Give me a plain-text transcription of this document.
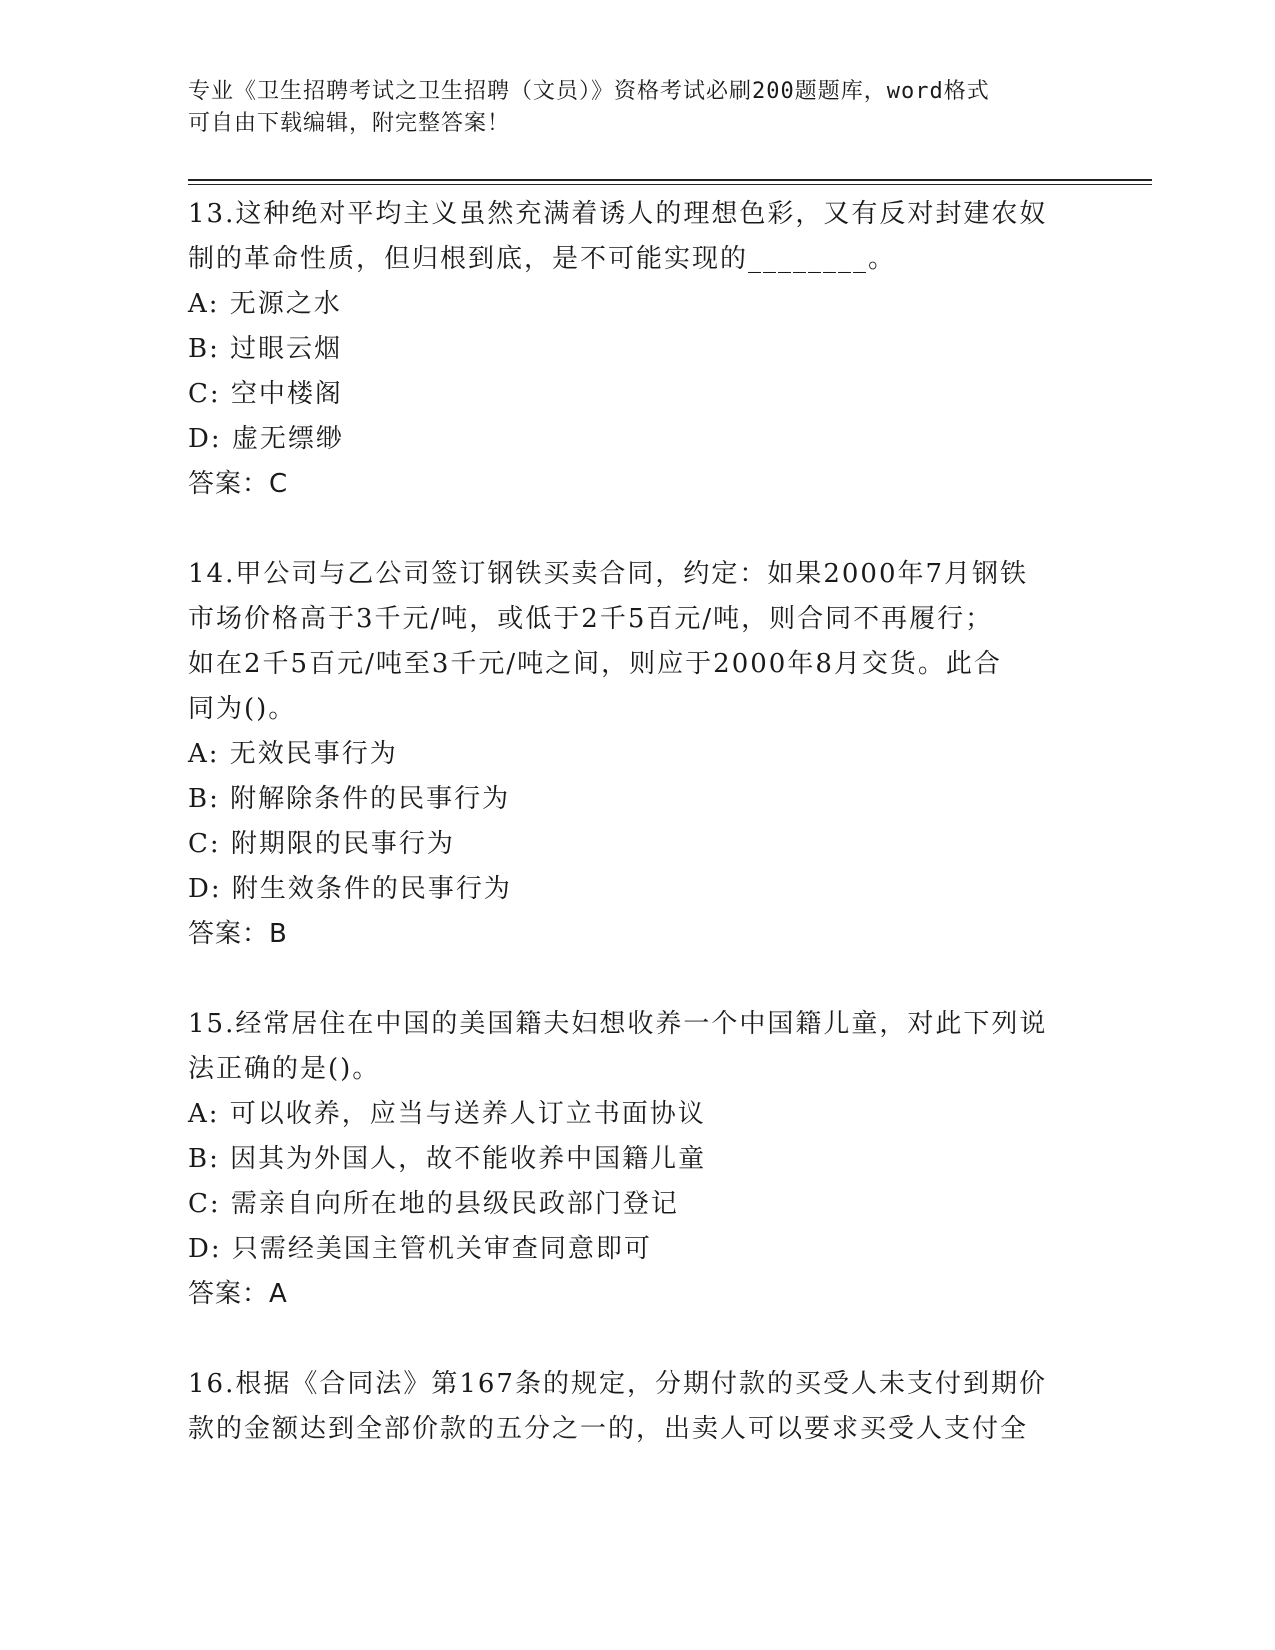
专业《卫生招聘考试之卫生招聘（文员）》资格考试必刷200题题库，word格式
可自由下载编辑，附完整答案！
13.这种绝对平均主义虽然充满着诱人的理想色彩，又有反对封建农奴
制的革命性质，但归根到底，是不可能实现的________。
A: 无源之水
B: 过眼云烟
C: 空中楼阁
D: 虚无缥缈
答案：C
14.甲公司与乙公司签订钢铁买卖合同，约定：如果2000年7月钢铁
市场价格高于3千元/吨，或低于2千5百元/吨，则合同不再履行；
如在2千5百元/吨至3千元/吨之间，则应于2000年8月交货。此合
同为()。
A: 无效民事行为
B: 附解除条件的民事行为
C: 附期限的民事行为
D: 附生效条件的民事行为
答案：B
15.经常居住在中国的美国籍夫妇想收养一个中国籍儿童，对此下列说
法正确的是()。
A: 可以收养，应当与送养人订立书面协议
B: 因其为外国人，故不能收养中国籍儿童
C: 需亲自向所在地的县级民政部门登记
D: 只需经美国主管机关审查同意即可
答案：A
16.根据《合同法》第167条的规定，分期付款的买受人未支付到期价
款的金额达到全部价款的五分之一的，出卖人可以要求买受人支付全
